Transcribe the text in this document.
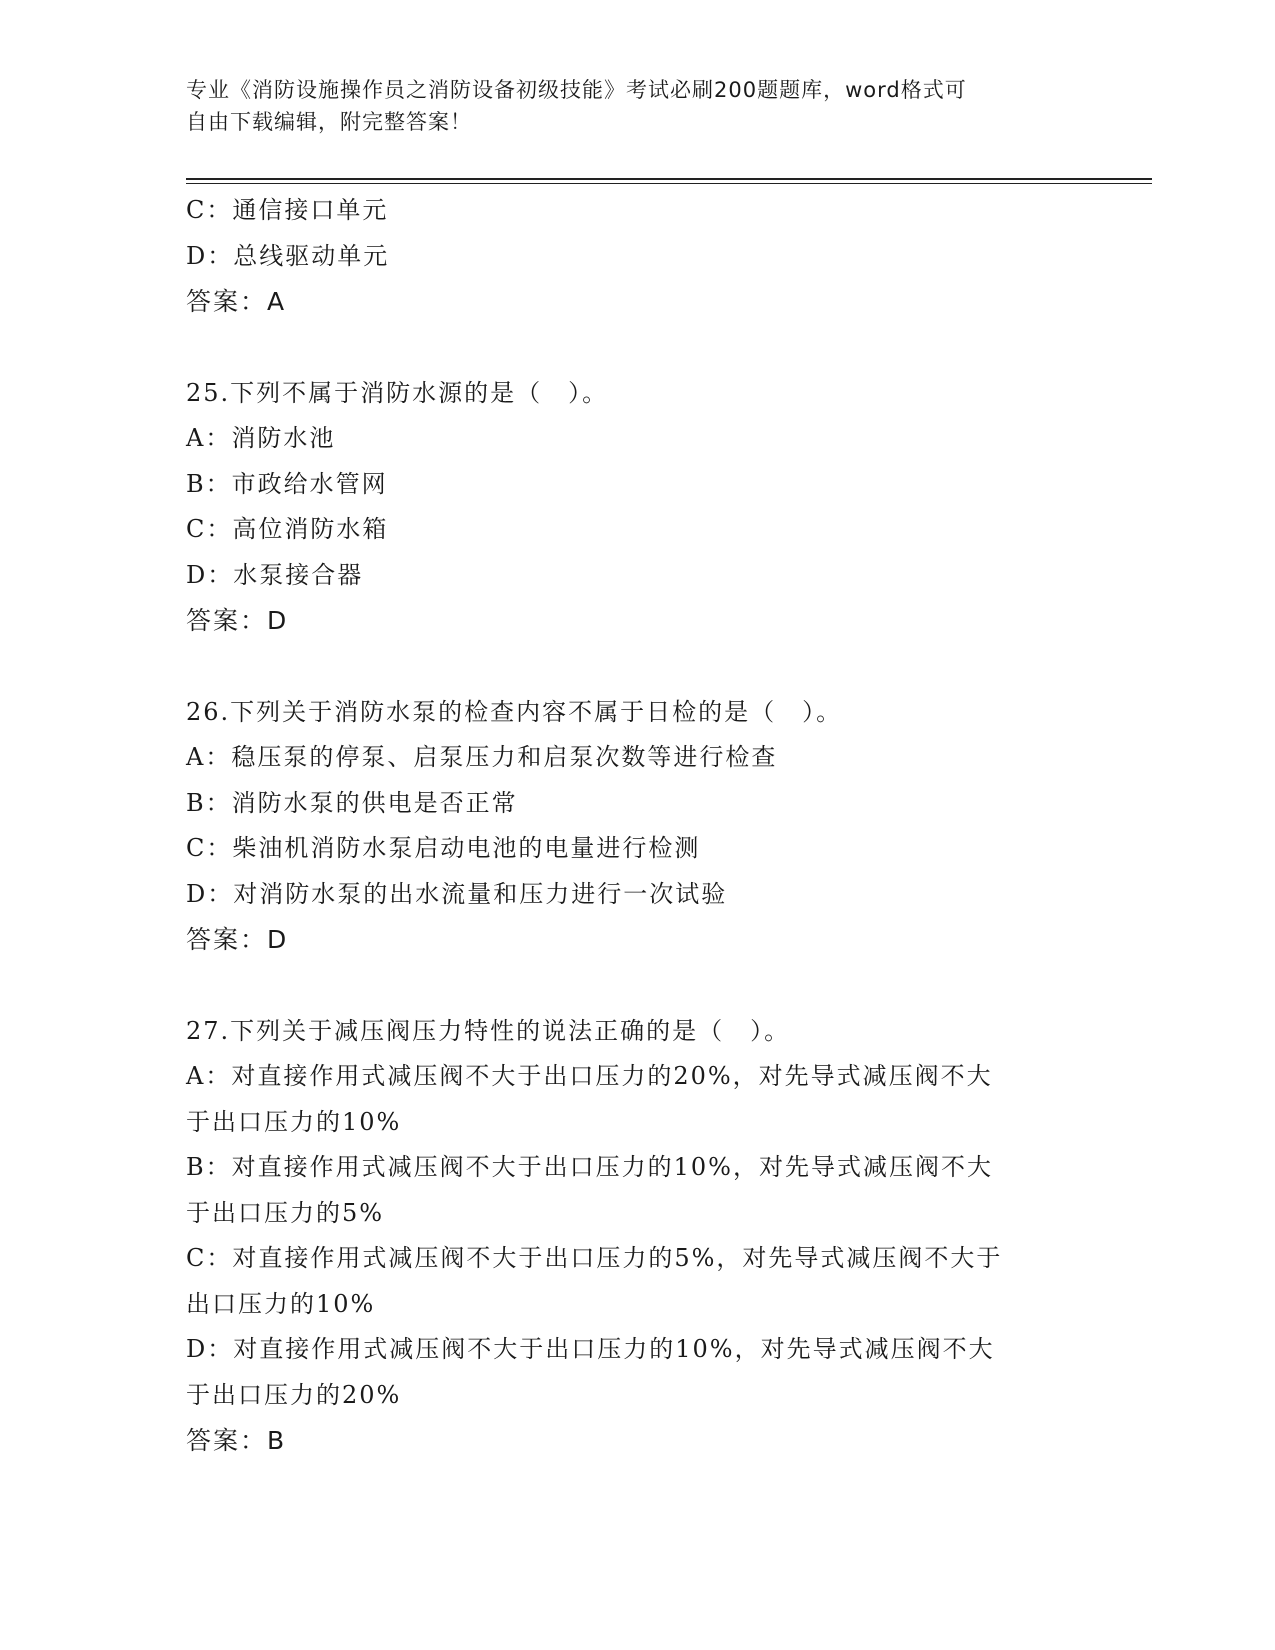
专业《消防设施操作员之消防设备初级技能》考试必刷200题题库，word格式可
自由下载编辑，附完整答案！
C：通信接口单元
D：总线驱动单元
答案：A
25.下列不属于消防水源的是（　）。
A：消防水池
B：市政给水管网
C：高位消防水箱
D：水泵接合器
答案：D
26.下列关于消防水泵的检查内容不属于日检的是（　）。
A：稳压泵的停泵、启泵压力和启泵次数等进行检查
B：消防水泵的供电是否正常
C：柴油机消防水泵启动电池的电量进行检测
D：对消防水泵的出水流量和压力进行一次试验
答案：D
27.下列关于减压阀压力特性的说法正确的是（　）。
A：对直接作用式减压阀不大于出口压力的20%，对先导式减压阀不大
于出口压力的10%
B：对直接作用式减压阀不大于出口压力的10%，对先导式减压阀不大
于出口压力的5%
C：对直接作用式减压阀不大于出口压力的5%，对先导式减压阀不大于
出口压力的10%
D：对直接作用式减压阀不大于出口压力的10%，对先导式减压阀不大
于出口压力的20%
答案：B
